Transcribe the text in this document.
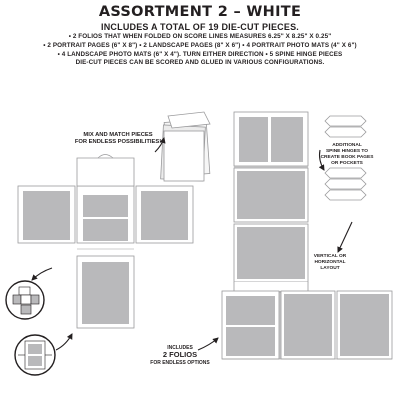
ASSORTMENT 2 – WHITE
INCLUDES A TOTAL OF 19 DIE-CUT PIECES.
• 2 FOLIOS THAT WHEN FOLDED ON SCORE LINES MEASURES 6.25" X 8.25" X 0.25"
• 2 PORTRAIT PAGES (6" X 8") • 2 LANDSCAPE PAGES (8" X 6") • 4 PORTRAIT PHOTO MATS (4" X 6")
• 4 LANDSCAPE PHOTO MATS (6" X 4"). TURN EITHER DIRECTION • 5 SPINE HINGE PIECES
DIE-CUT PIECES CAN BE SCORED AND GLUED IN VARIOUS CONFIGURATIONS.
MIX AND MATCH PIECES
FOR ENDLESS POSSIBILITIES!
ADDITIONAL
SPINE HINGES TO
CREATE BOOK PAGES
OR POCKETS
VERTICAL OR
HORIZONTAL
LAYOUT
INCLUDES
2 FOLIOS
FOR ENDLESS OPTIONS
